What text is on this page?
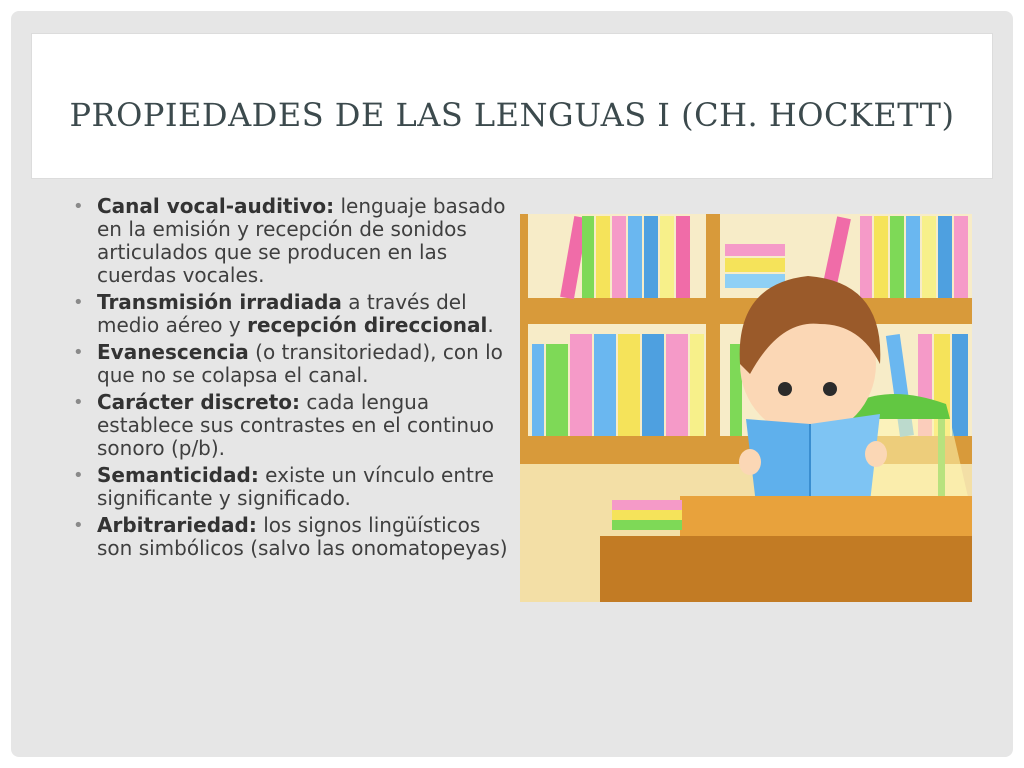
PROPIEDADES DE LAS LENGUAS I (CH. HOCKETT)
• Canal vocal-auditivo: lenguaje basado en la emisión y recepción de sonidos articulados que se producen en las cuerdas vocales.
• Transmisión irradiada a través del medio aéreo y recepción direccional.
• Evanescencia (o transitoriedad), con lo que no se colapsa el canal.
• Carácter discreto: cada lengua establece sus contrastes en el continuo sonoro (p/b).
• Semanticidad: existe un vínculo entre significante y significado.
• Arbitrariedad: los signos lingüísticos son simbólicos (salvo las onomatopeyas)
